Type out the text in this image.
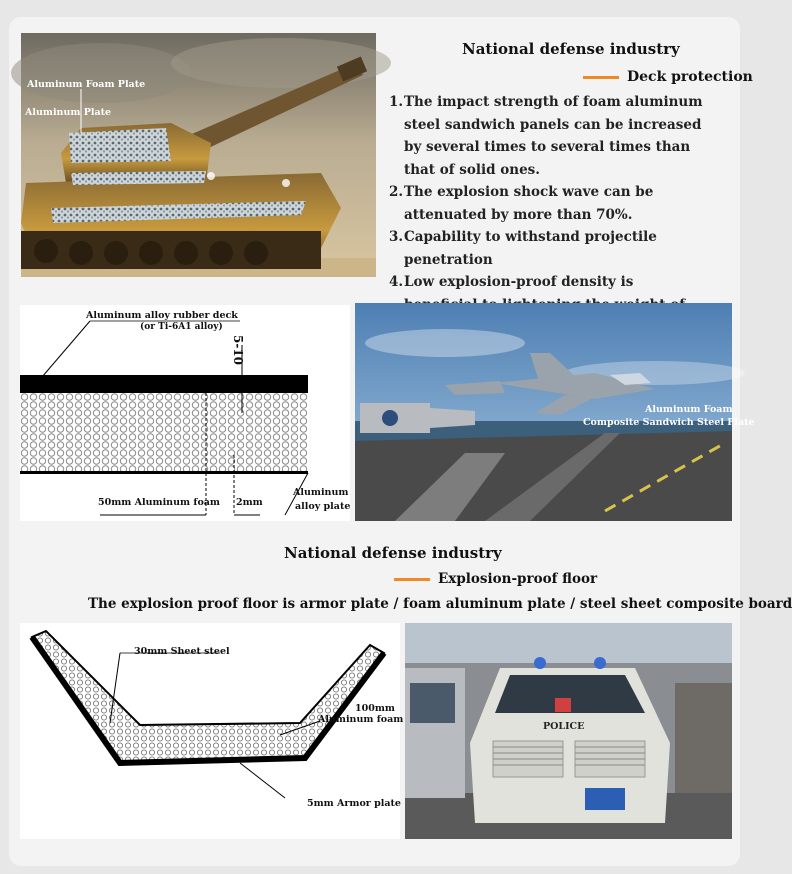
Aluminum Foam Plate
Aluminum Plate
National defense industry
Deck protection
1. The impact strength of foam aluminum steel sandwich panels can be increased by several times to several times than that of solid ones.
2. The explosion shock wave can be attenuated by more than 70%.
3. Capability to withstand projectile penetration
4. Low explosion-proof density is
Aluminum alloy rubber deck
(or Ti-6A1 alloy)
5-10
50mm Aluminum foam 2mm
Aluminum
alloy plate
Aluminum Foam
Composite Sandwich Steel Plate
National defense industry
Explosion-proof floor
The explosion proof floor is armor plate / foam aluminum plate / steel sheet composite board
30mm Sheet steel
100mm
Aluminum foam
5mm Armor plate
POLICE
